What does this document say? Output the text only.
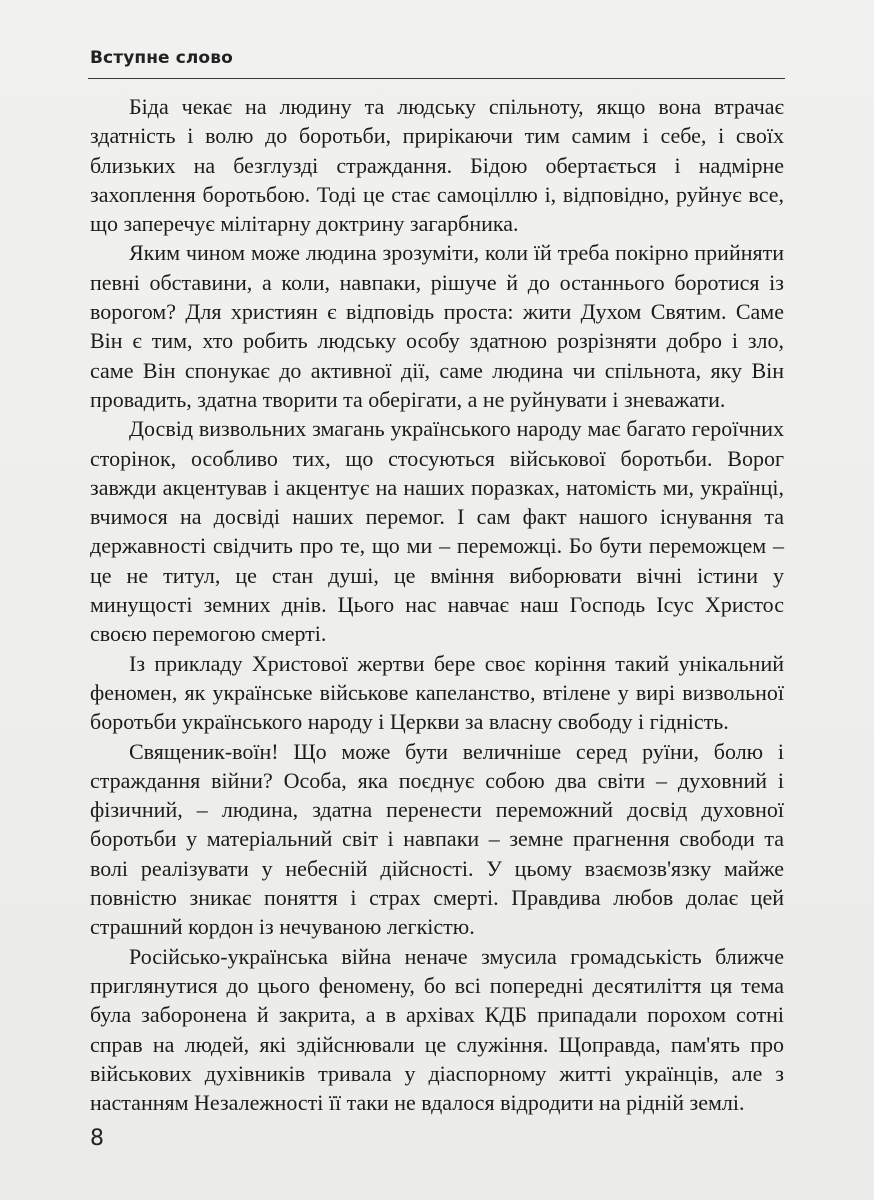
Вступне слово

Біда чекає на людину та людську спільноту, якщо вона втрачає здатність і волю до боротьби, прирікаючи тим самим і себе, і своїх близьких на безглузді страждання. Бідою обертається і надмірне захоплення боротьбою. Тоді це стає самоціллю і, відповідно, руйнує все, що заперечує мілітарну доктрину загарбника.

Яким чином може людина зрозуміти, коли їй треба покірно прийняти певні обставини, а коли, навпаки, рішуче й до останнього боротися із ворогом? Для християн є відповідь проста: жити Духом Святим. Саме Він є тим, хто робить людську особу здатною розрізняти добро і зло, саме Він спонукає до активної дії, саме людина чи спільнота, яку Він провадить, здатна творити та оберігати, а не руйнувати і зневажати.

Досвід визвольних змагань українського народу має багато героїчних сторінок, особливо тих, що стосуються військової боротьби. Ворог завжди акцентував і акцентує на наших поразках, натомість ми, українці, вчимося на досвіді наших перемог. І сам факт нашого існування та державності свідчить про те, що ми – переможці. Бо бути переможцем – це не титул, це стан душі, це вміння виборювати вічні істини у минущості земних днів. Цього нас навчає наш Господь Ісус Христос своєю перемогою смерті.

Із прикладу Христової жертви бере своє коріння такий унікальний феномен, як українське військове капеланство, втілене у вирі визвольної боротьби українського народу і Церкви за власну свободу і гідність.

Священик-воїн! Що може бути величніше серед руїни, болю і страждання війни? Особа, яка поєднує собою два світи – духовний і фізичний, – людина, здатна перенести переможний досвід духовної боротьби у матеріальний світ і навпаки – земне прагнення свободи та волі реалізувати у небесній дійсності. У цьому взаємозв'язку майже повністю зникає поняття і страх смерті. Правдива любов долає цей страшний кордон із нечуваною легкістю.

Російсько-українська війна неначе змусила громадськість ближче приглянутися до цього феномену, бо всі попередні десятиліття ця тема була заборонена й закрита, а в архівах КДБ припадали порохом сотні справ на людей, які здійснювали це служіння. Щоправда, пам'ять про військових духівників тривала у діаспорному житті українців, але з настанням Незалежності її таки не вдалося відродити на рідній землі.

8
